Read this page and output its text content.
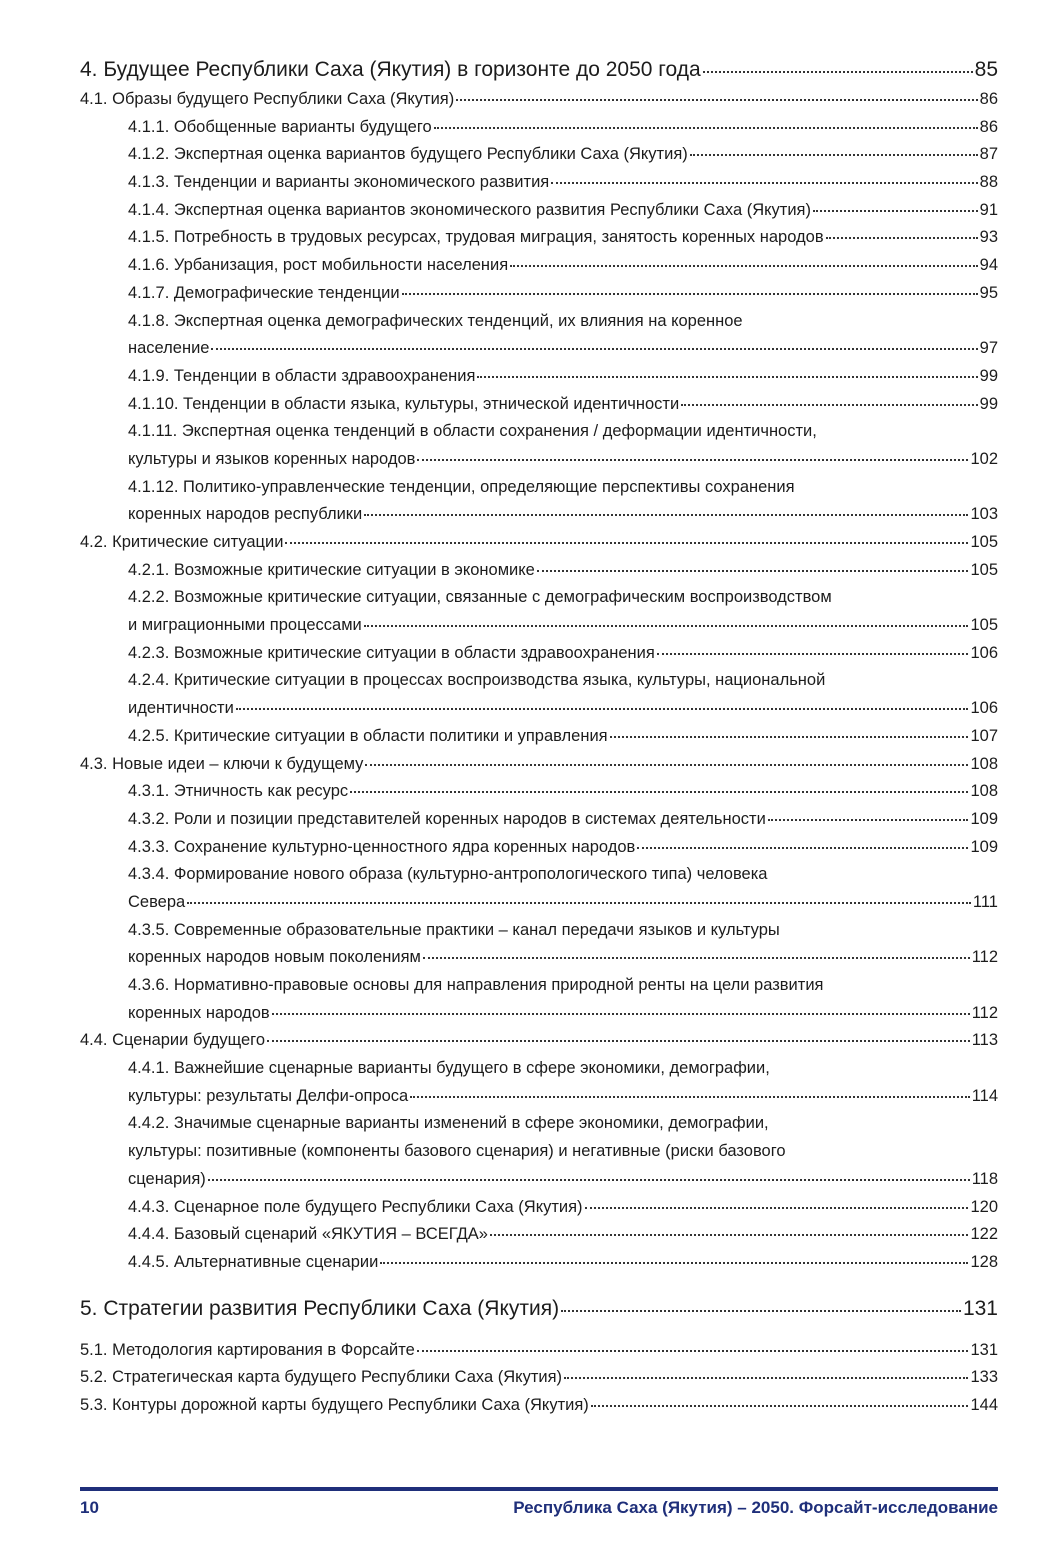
4. Будущее Республики Саха (Якутия) в горизонте до 2050 года	85
4.1. Образы будущего Республики Саха (Якутия)	86
4.1.1. Обобщенные варианты будущего	86
4.1.2. Экспертная оценка вариантов будущего Республики Саха (Якутия)	87
4.1.3. Тенденции и варианты экономического развития	88
4.1.4. Экспертная оценка вариантов экономического развития Республики Саха (Якутия)	91
4.1.5. Потребность в трудовых ресурсах, трудовая миграция, занятость коренных народов	93
4.1.6. Урбанизация, рост мобильности населения	94
4.1.7. Демографические тенденции	95
4.1.8. Экспертная оценка демографических тенденций, их влияния на коренное
население	97
4.1.9. Тенденции в области здравоохранения	99
4.1.10. Тенденции в области языка, культуры, этнической идентичности	99
4.1.11. Экспертная оценка тенденций в области сохранения / деформации идентичности,
культуры и языков коренных народов	102
4.1.12. Политико-управленческие тенденции, определяющие перспективы сохранения
коренных народов республики	103
4.2. Критические ситуации	105
4.2.1. Возможные критические ситуации в экономике	105
4.2.2. Возможные критические ситуации, связанные с демографическим воспроизводством
и миграционными процессами	105
4.2.3. Возможные критические ситуации в области здравоохранения	106
4.2.4. Критические ситуации в процессах воспроизводства языка, культуры, национальной
идентичности	106
4.2.5. Критические ситуации в области политики и управления	107
4.3. Новые идеи – ключи к будущему	108
4.3.1. Этничность как ресурс	108
4.3.2. Роли и позиции представителей коренных народов в системах деятельности	109
4.3.3. Сохранение культурно-ценностного ядра коренных народов	109
4.3.4. Формирование нового образа (культурно-антропологического типа) человека
Севера	111
4.3.5. Современные образовательные практики – канал передачи языков и культуры
коренных народов новым поколениям	112
4.3.6. Нормативно-правовые основы для направления природной ренты на цели развития
коренных народов	112
4.4. Сценарии будущего	113
4.4.1. Важнейшие сценарные варианты будущего в сфере экономики, демографии,
культуры: результаты Делфи-опроса	114
4.4.2. Значимые сценарные варианты изменений в сфере экономики, демографии,
культуры: позитивные (компоненты базового сценария) и негативные (риски базового
сценария)	118
4.4.3. Сценарное поле будущего Республики Саха (Якутия)	120
4.4.4. Базовый сценарий «ЯКУТИЯ – ВСЕГДА»	122
4.4.5. Альтернативные сценарии	128
5. Стратегии развития Республики Саха (Якутия)	131
5.1. Методология картирования в Форсайте	131
5.2. Стратегическая карта будущего Республики Саха (Якутия)	133
5.3. Контуры дорожной карты будущего Республики Саха (Якутия)	144
10	Республика Саха (Якутия) – 2050. Форсайт-исследование
